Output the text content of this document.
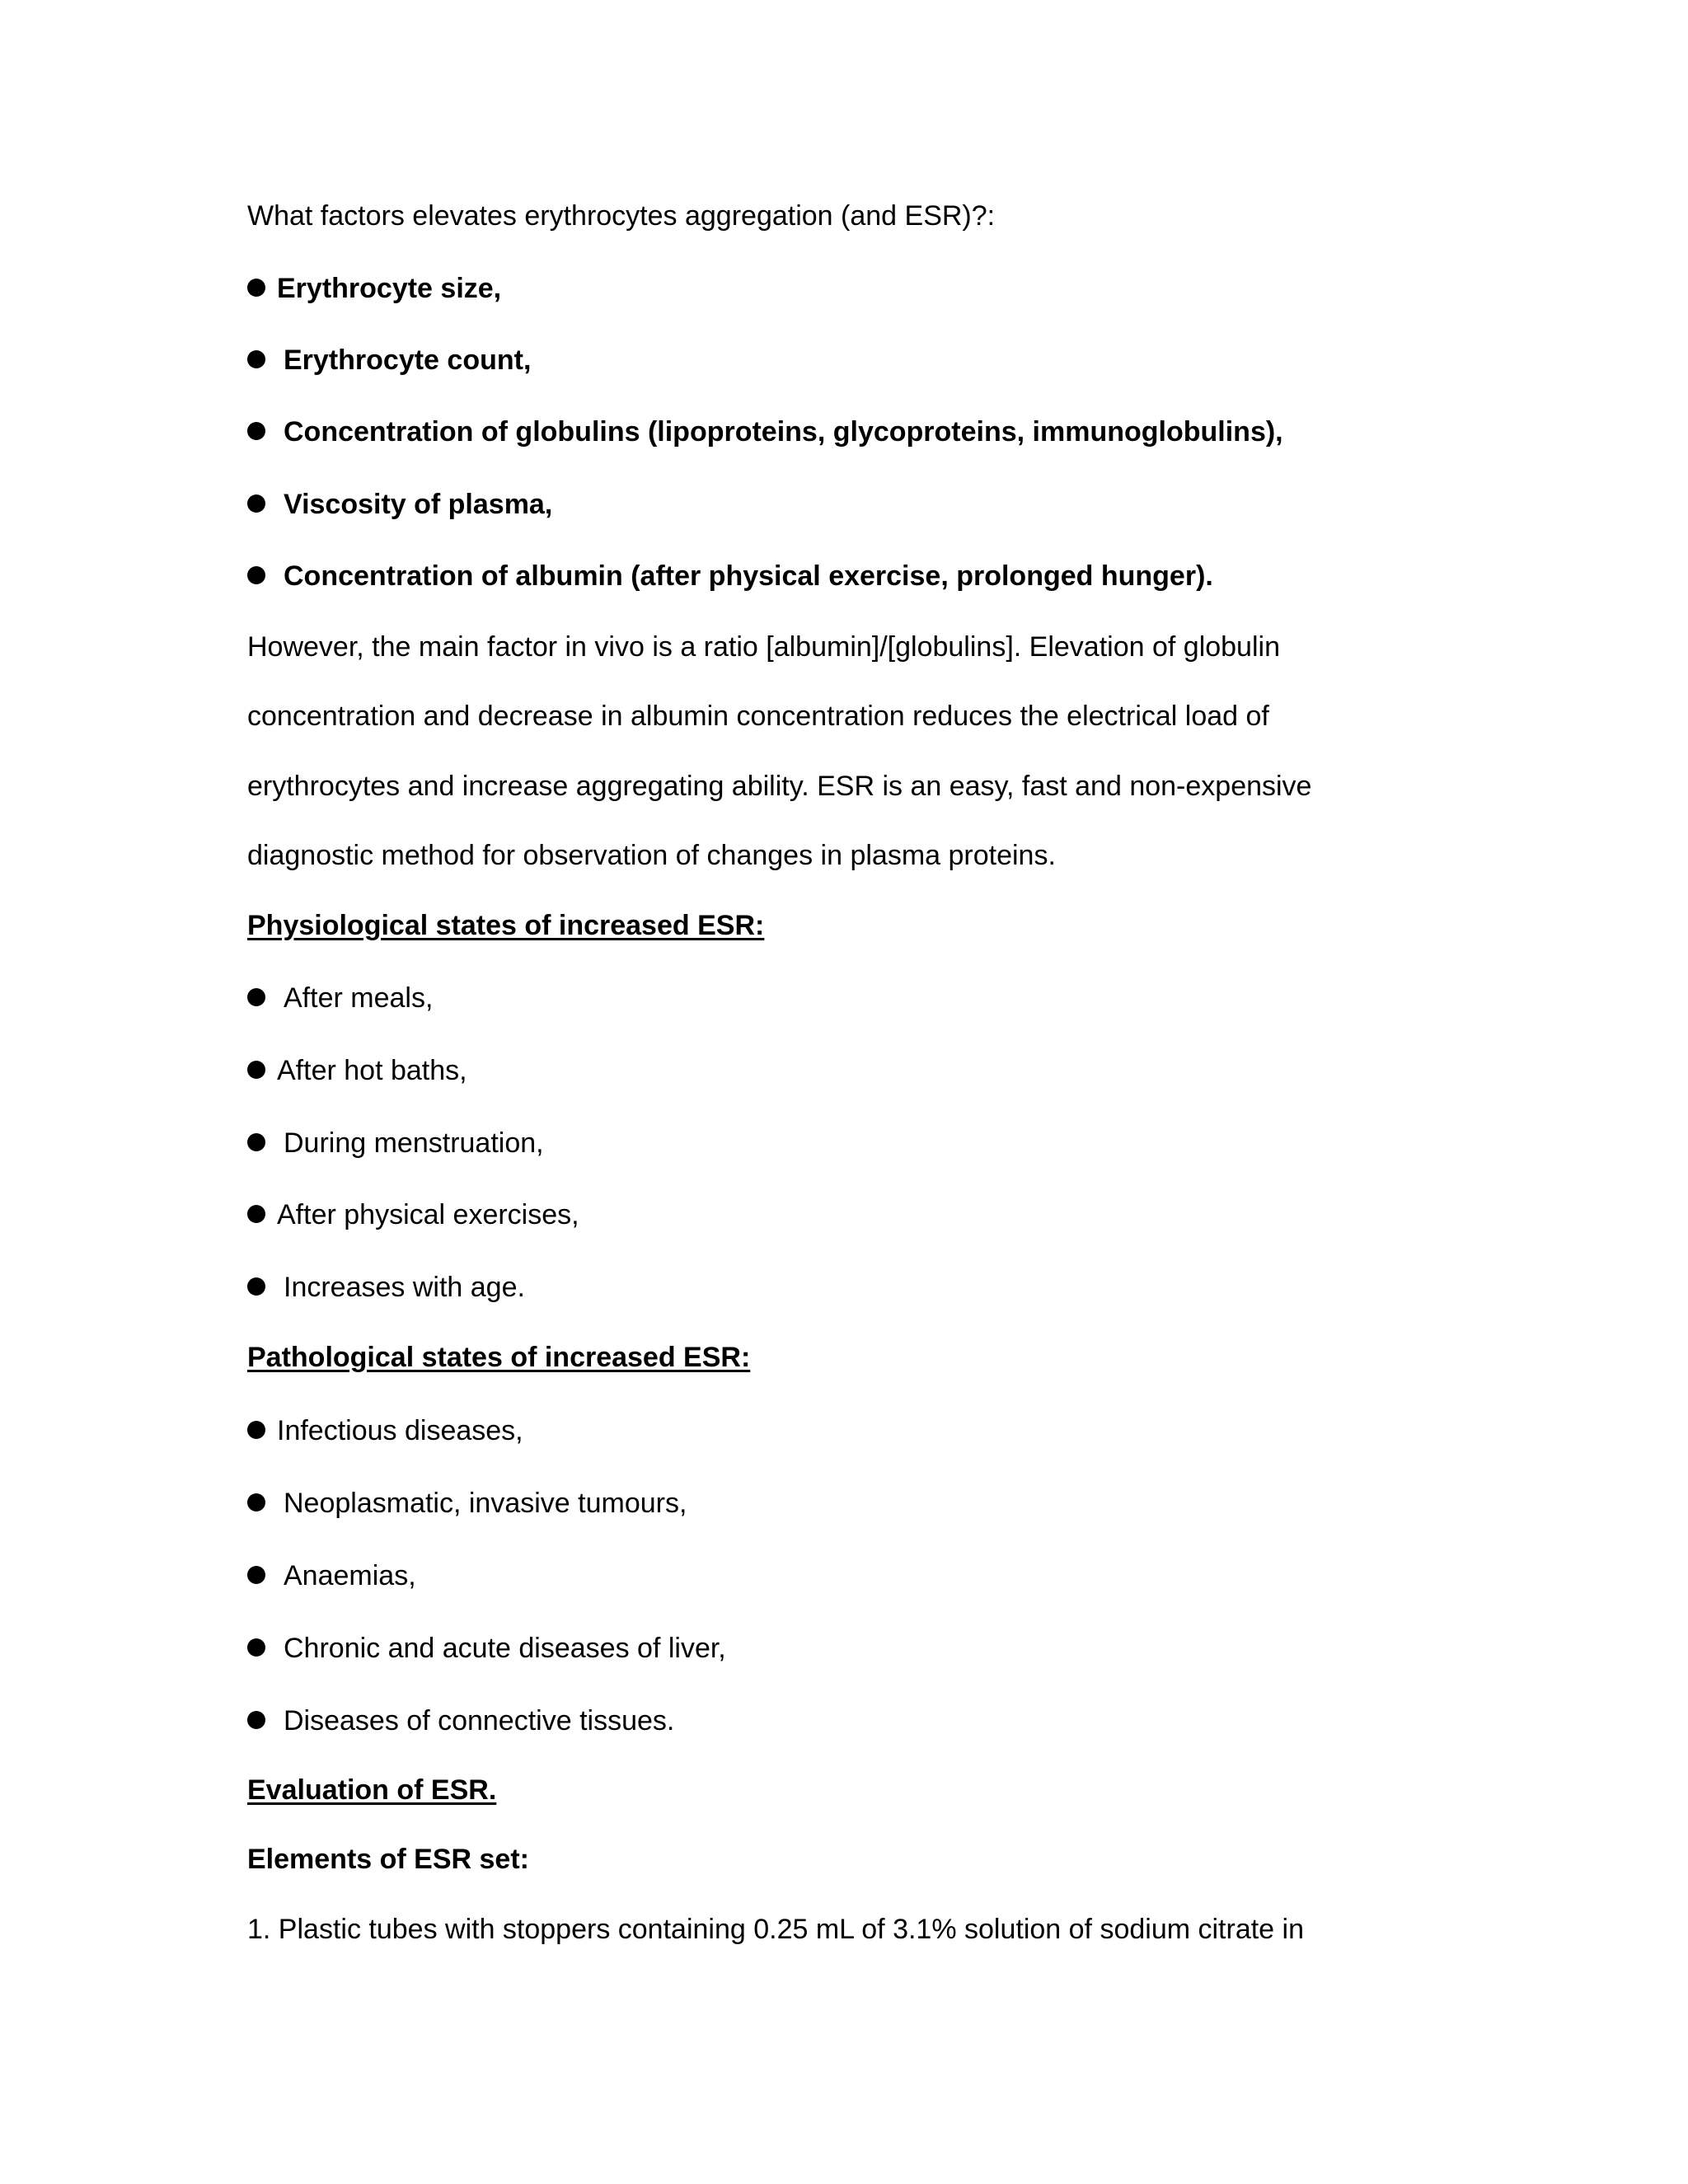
What factors elevates erythrocytes aggregation (and ESR)?:
Erythrocyte size,
Erythrocyte count,
Concentration of globulins (lipoproteins, glycoproteins, immunoglobulins),
Viscosity of plasma,
Concentration of albumin (after physical exercise, prolonged hunger).
However, the main factor in vivo is a ratio [albumin]/[globulins]. Elevation of globulin
concentration and decrease in albumin concentration reduces the electrical load of
erythrocytes and increase aggregating ability. ESR is an easy, fast and non-expensive
diagnostic method for observation of changes in plasma proteins.
Physiological states of increased ESR:
After meals,
After hot baths,
During menstruation,
After physical exercises,
Increases with age.
Pathological states of increased ESR:
Infectious diseases,
Neoplasmatic, invasive tumours,
Anaemias,
Chronic and acute diseases of liver,
Diseases of connective tissues.
Evaluation of ESR.
Elements of ESR set:
1. Plastic tubes with stoppers containing 0.25 mL of 3.1% solution of sodium citrate in
